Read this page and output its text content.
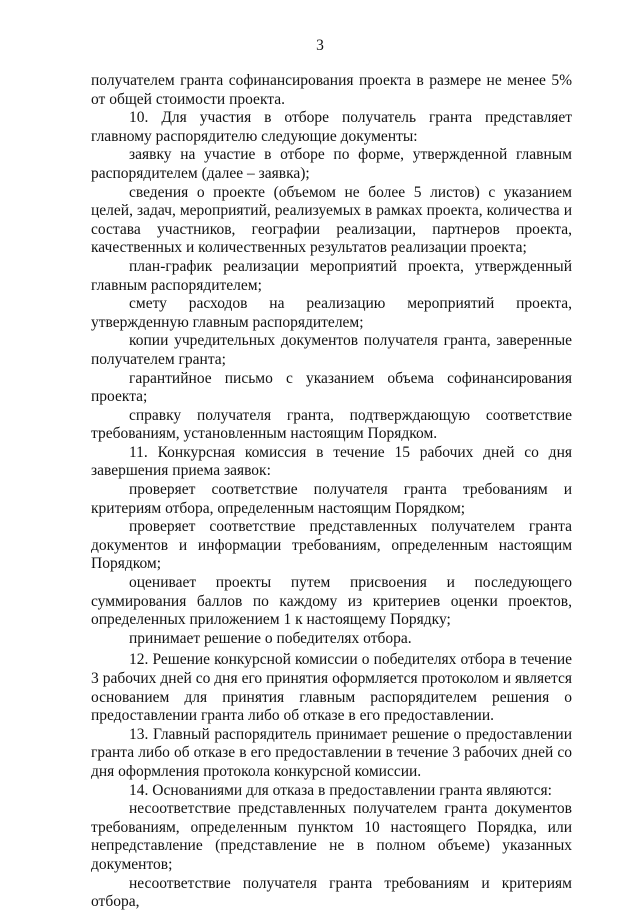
3

получателем гранта софинансирования проекта в размере не менее 5% от общей стоимости проекта.

10. Для участия в отборе получатель гранта представляет главному распорядителю следующие документы:

заявку на участие в отборе по форме, утвержденной главным распорядителем (далее – заявка);

сведения о проекте (объемом не более 5 листов) с указанием целей, задач, мероприятий, реализуемых в рамках проекта, количества и состава участников, географии реализации, партнеров проекта, качественных и количественных результатов реализации проекта;

план-график реализации мероприятий проекта, утвержденный главным распорядителем;

смету расходов на реализацию мероприятий проекта, утвержденную главным распорядителем;

копии учредительных документов получателя гранта, заверенные получателем гранта;

гарантийное письмо с указанием объема софинансирования проекта;

справку получателя гранта, подтверждающую соответствие требованиям, установленным настоящим Порядком.

11. Конкурсная комиссия в течение 15 рабочих дней со дня завершения приема заявок:

проверяет соответствие получателя гранта требованиям и критериям отбора, определенным настоящим Порядком;

проверяет соответствие представленных получателем гранта документов и информации требованиям, определенным настоящим Порядком;

оценивает проекты путем присвоения и последующего суммирования баллов по каждому из критериев оценки проектов, определенных приложением 1 к настоящему Порядку;

принимает решение о победителях отбора.

12. Решение конкурсной комиссии о победителях отбора в течение 3 рабочих дней со дня его принятия оформляется протоколом и является основанием для принятия главным распорядителем решения о предоставлении гранта либо об отказе в его предоставлении.

13. Главный распорядитель принимает решение о предоставлении гранта либо об отказе в его предоставлении в течение 3 рабочих дней со дня оформления протокола конкурсной комиссии.

14. Основаниями для отказа в предоставлении гранта являются:

несоответствие представленных получателем гранта документов требованиям, определенным пунктом 10 настоящего Порядка, или непредставление (представление не в полном объеме) указанных документов;

несоответствие получателя гранта требованиям и критериям отбора,
